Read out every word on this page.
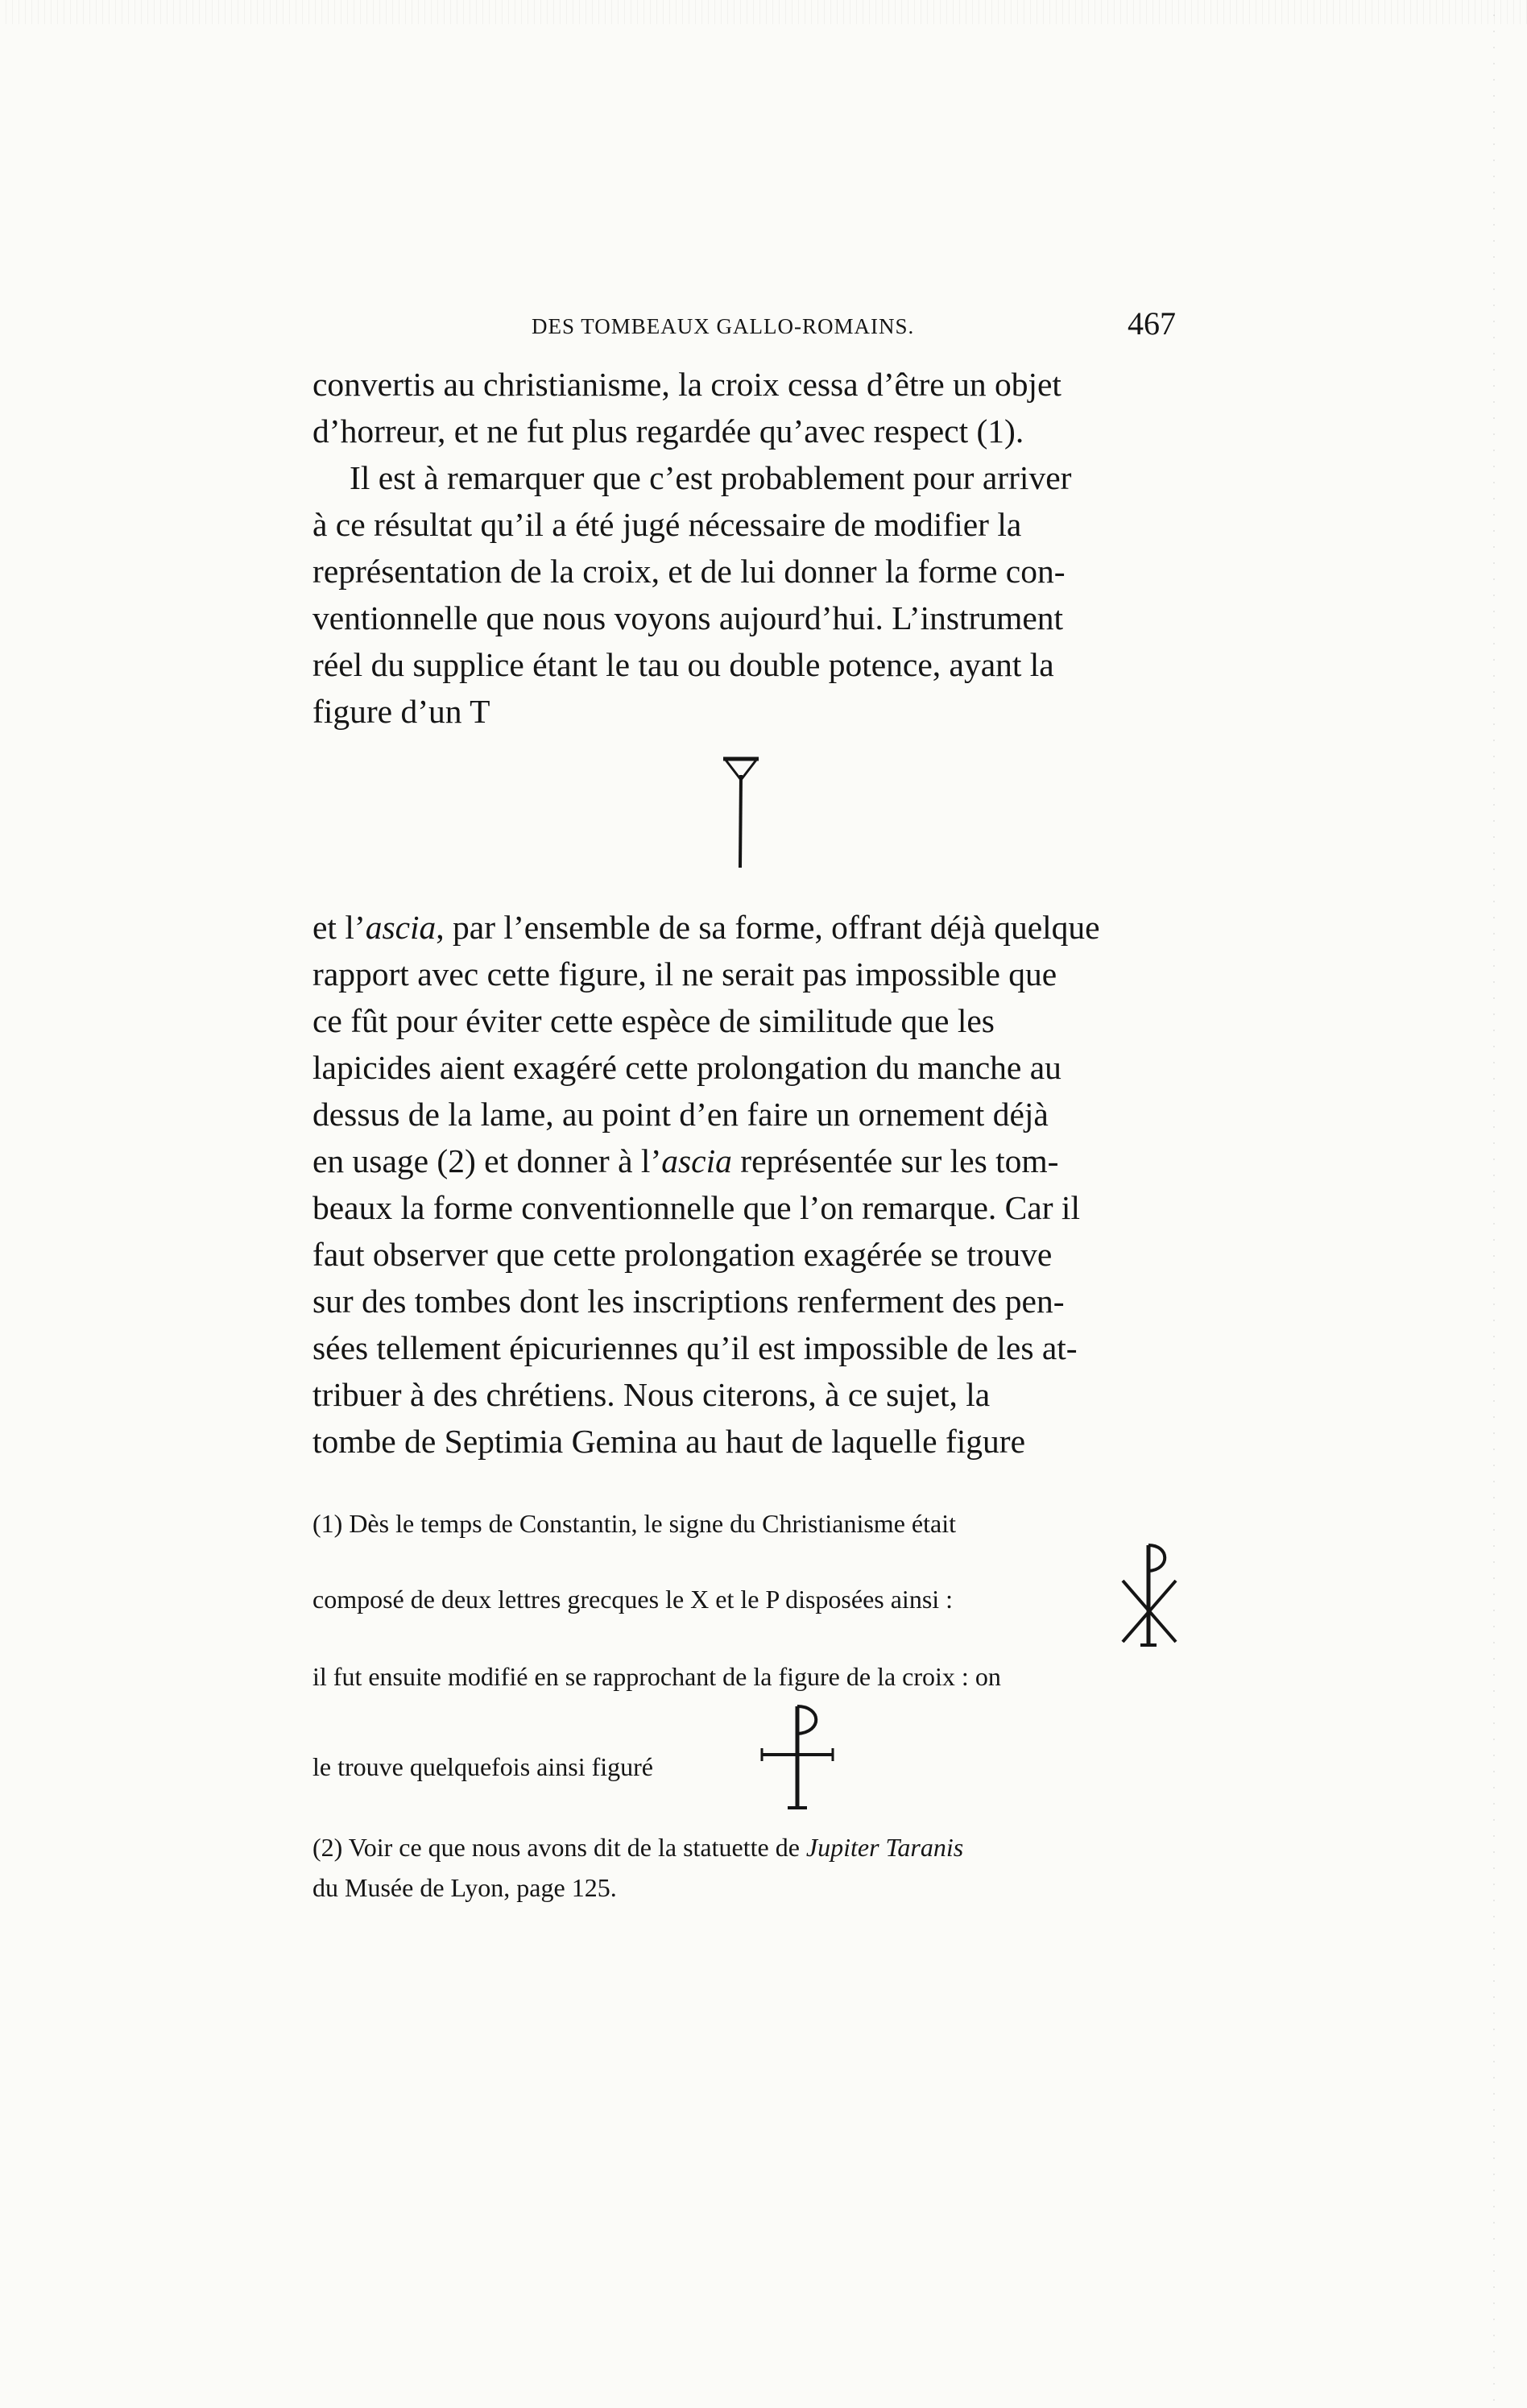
DES TOMBEAUX GALLO-ROMAINS.	467

convertis au christianisme, la croix cessa d’être un objet
d’horreur, et ne fut plus regardée qu’avec respect (1).

Il est à remarquer que c’est probablement pour arriver
à ce résultat qu’il a été jugé nécessaire de modifier la
représentation de la croix, et de lui donner la forme con-
ventionnelle que nous voyons aujourd’hui. L’instrument
réel du supplice étant le tau ou double potence, ayant la
figure d’un T

et l’ascia, par l’ensemble de sa forme, offrant déjà quelque
rapport avec cette figure, il ne serait pas impossible que
ce fût pour éviter cette espèce de similitude que les
lapicides aient exagéré cette prolongation du manche au
dessus de la lame, au point d’en faire un ornement déjà
en usage (2) et donner à l’ascia représentée sur les tom-
beaux la forme conventionnelle que l’on remarque. Car il
faut observer que cette prolongation exagérée se trouve
sur des tombes dont les inscriptions renferment des pen-
sées tellement épicuriennes qu’il est impossible de les at-
tribuer à des chrétiens. Nous citerons, à ce sujet, la
tombe de Septimia Gemina au haut de laquelle figure

(1) Dès le temps de Constantin, le signe du Christianisme était
composé de deux lettres grecques le X et le P disposées ainsi :
il fut ensuite modifié en se rapprochant de la figure de la croix : on
le trouve quelquefois ainsi figuré
(2) Voir ce que nous avons dit de la statuette de Jupiter Taranis
du Musée de Lyon, page 125.
